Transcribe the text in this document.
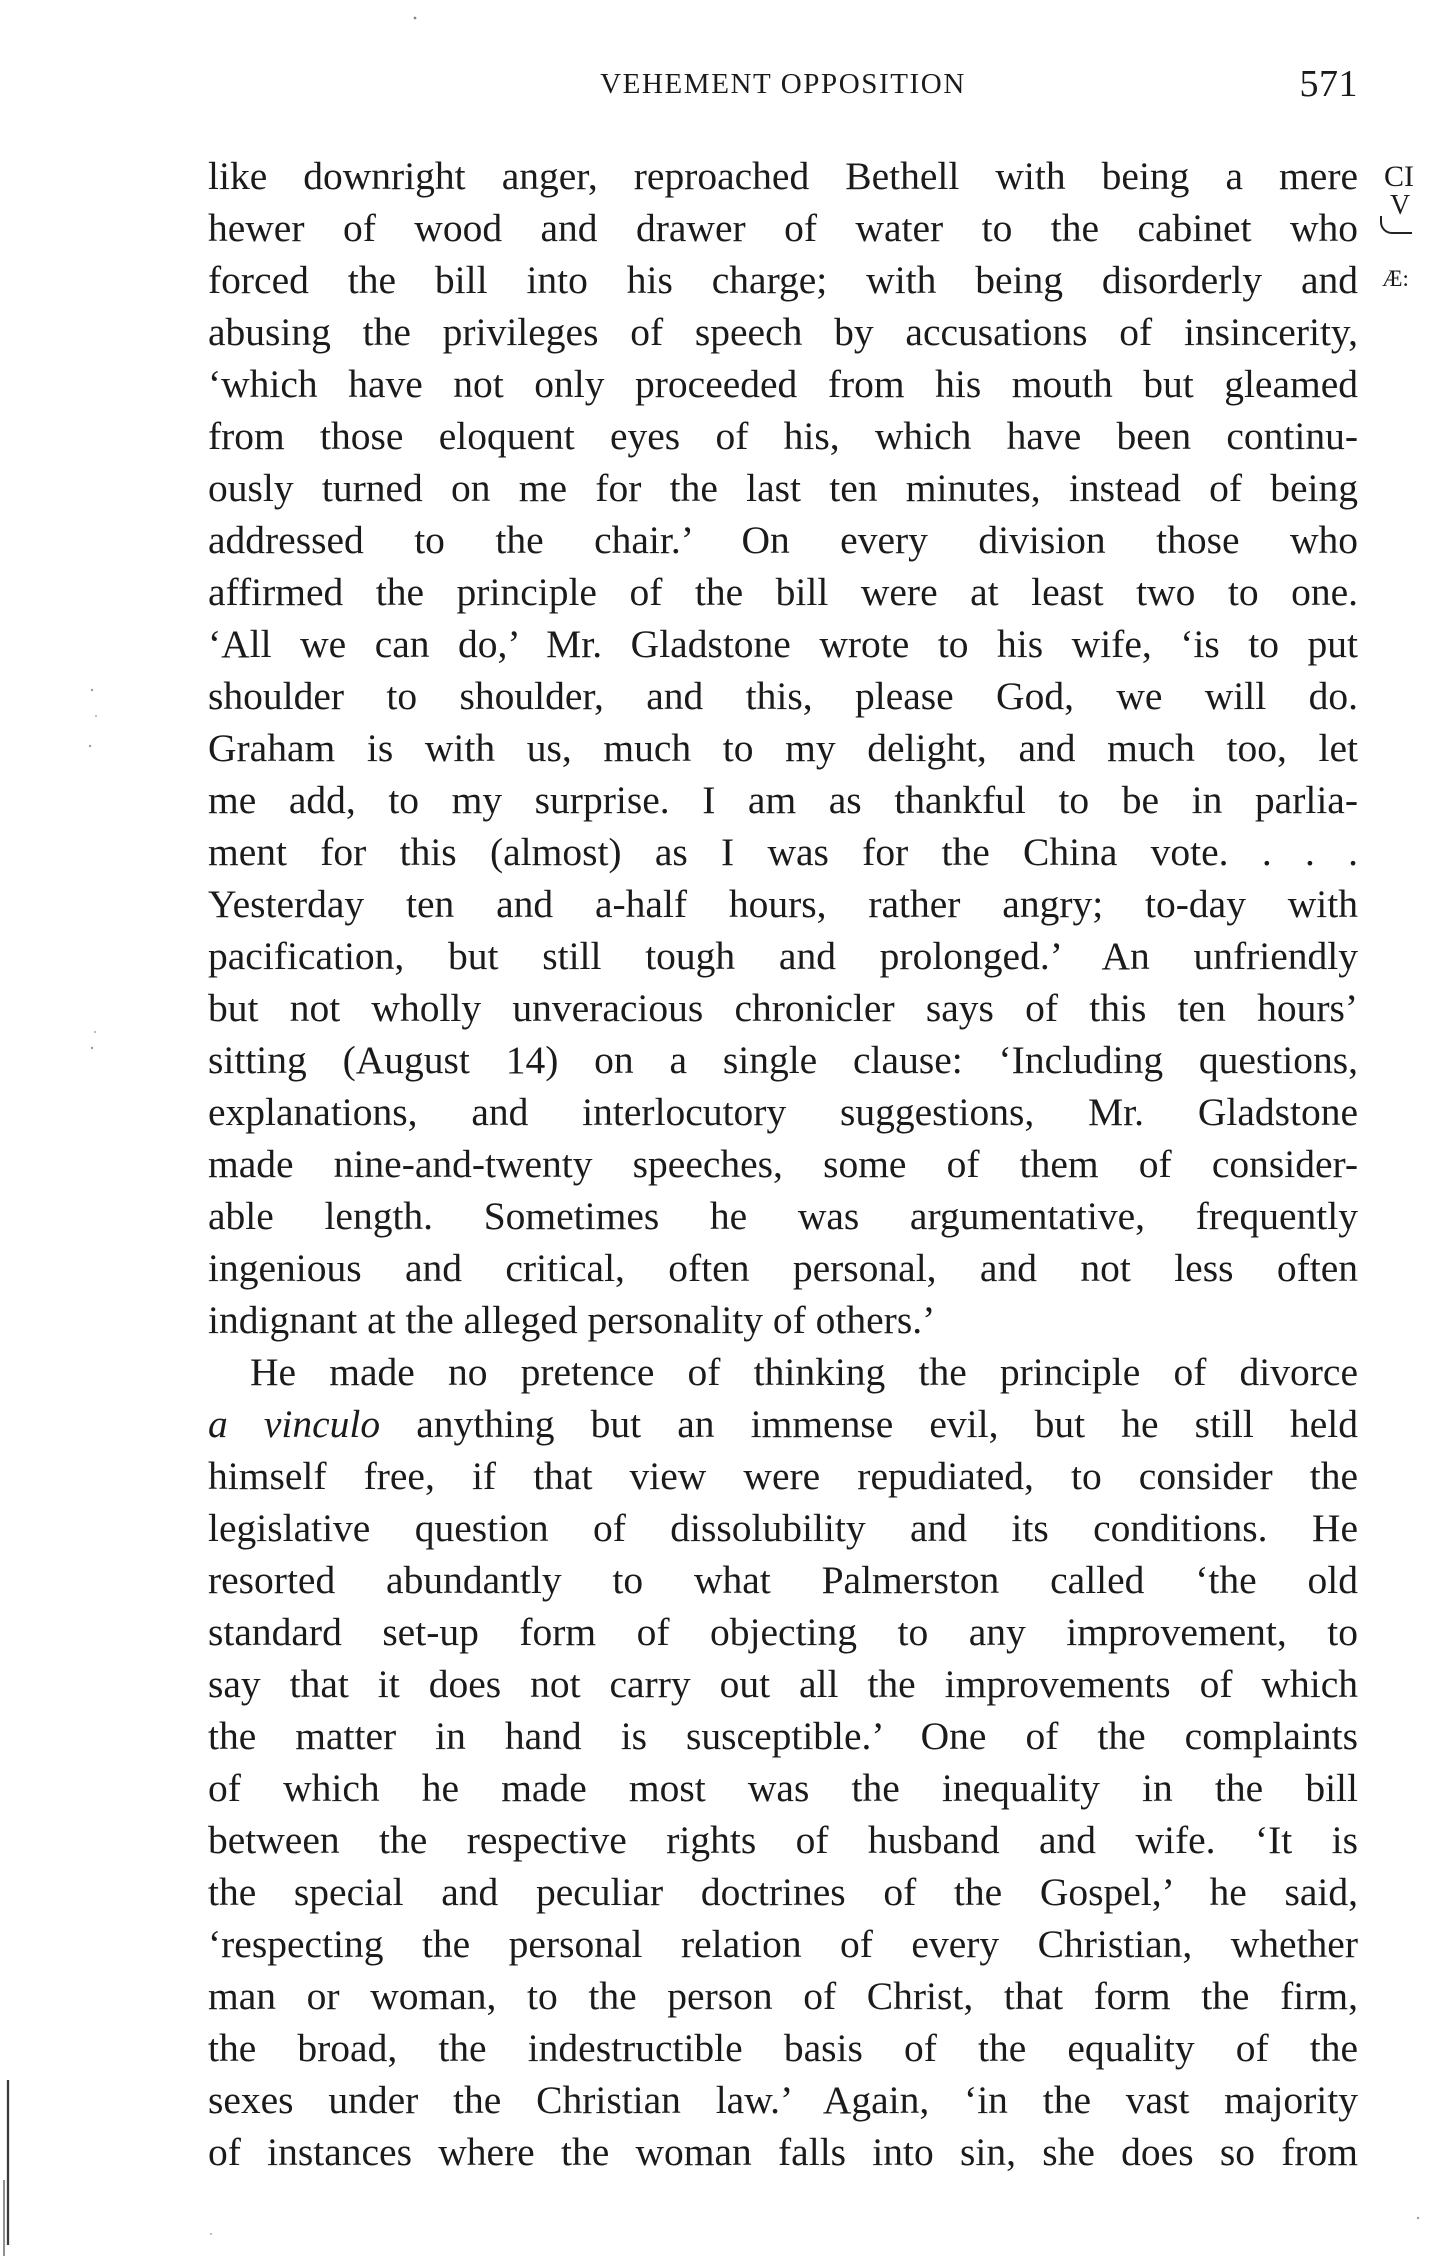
VEHEMENT OPPOSITION	571
like downright anger, reproached Bethell with being a mere
hewer of wood and drawer of water to the cabinet who
forced the bill into his charge; with being disorderly and
abusing the privileges of speech by accusations of insincerity,
‘which have not only proceeded from his mouth but gleamed
from those eloquent eyes of his, which have been continu-
ously turned on me for the last ten minutes, instead of being
addressed to the chair.’ On every division those who
affirmed the principle of the bill were at least two to one.
‘All we can do,’ Mr. Gladstone wrote to his wife, ‘is to put
shoulder to shoulder, and this, please God, we will do.
Graham is with us, much to my delight, and much too, let
me add, to my surprise. I am as thankful to be in parlia-
ment for this (almost) as I was for the China vote. . . .
Yesterday ten and a-half hours, rather angry; to-day with
pacification, but still tough and prolonged.’ An unfriendly
but not wholly unveracious chronicler says of this ten hours’
sitting (August 14) on a single clause: ‘Including questions,
explanations, and interlocutory suggestions, Mr. Gladstone
made nine-and-twenty speeches, some of them of consider-
able length. Sometimes he was argumentative, frequently
ingenious and critical, often personal, and not less often
indignant at the alleged personality of others.’
He made no pretence of thinking the principle of divorce
a vinculo anything but an immense evil, but he still held
himself free, if that view were repudiated, to consider the
legislative question of dissolubility and its conditions. He
resorted abundantly to what Palmerston called ‘the old
standard set-up form of objecting to any improvement, to
say that it does not carry out all the improvements of which
the matter in hand is susceptible.’ One of the complaints
of which he made most was the inequality in the bill
between the respective rights of husband and wife. ‘It is
the special and peculiar doctrines of the Gospel,’ he said,
‘respecting the personal relation of every Christian, whether
man or woman, to the person of Christ, that form the firm,
the broad, the indestructible basis of the equality of the
sexes under the Christian law.’ Again, ‘in the vast majority
of instances where the woman falls into sin, she does so from
CI
V
Æ:
